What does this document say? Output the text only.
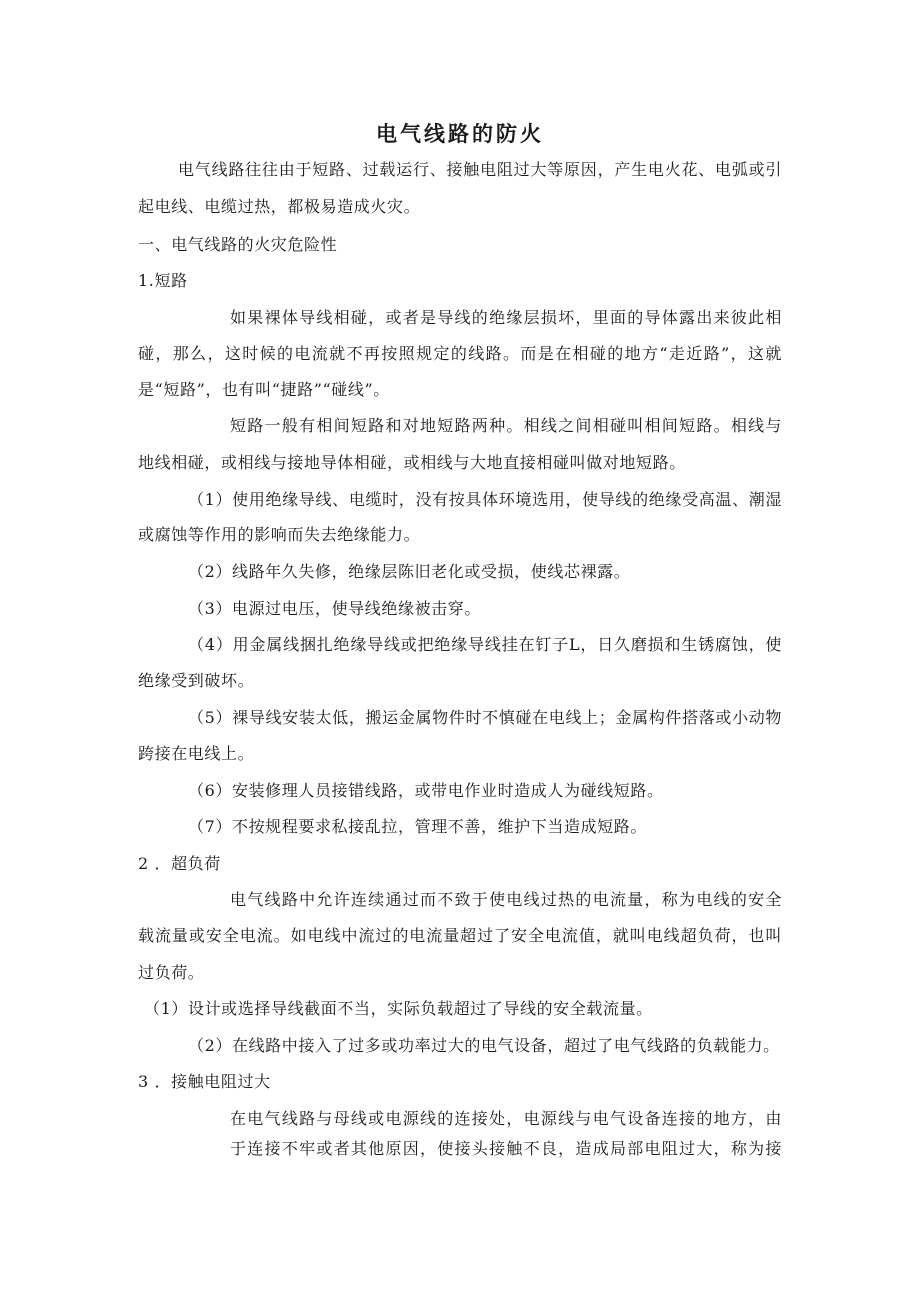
电气线路的防火
电气线路往往由于短路、过载运行、接触电阻过大等原因，产生电火花、电弧或引
起电线、电缆过热，都极易造成火灾。
一、电气线路的火灾危险性
1.短路
如果裸体导线相碰，或者是导线的绝缘层损坏，里面的导体露出来彼此相
碰，那么，这时候的电流就不再按照规定的线路。而是在相碰的地方“走近路”，这就
是“短路”，也有叫“捷路”“碰线”。
短路一般有相间短路和对地短路两种。相线之间相碰叫相间短路。相线与
地线相碰，或相线与接地导体相碰，或相线与大地直接相碰叫做对地短路。
（1）使用绝缘导线、电缆时，没有按具体环境选用，使导线的绝缘受高温、潮湿
或腐蚀等作用的影响而失去绝缘能力。
（2）线路年久失修，绝缘层陈旧老化或受损，使线芯裸露。
（3）电源过电压，使导线绝缘被击穿。
（4）用金属线捆扎绝缘导线或把绝缘导线挂在钉子L，日久磨损和生锈腐蚀，使
绝缘受到破坏。
（5）裸导线安装太低，搬运金属物件时不慎碰在电线上；金属构件搭落或小动物
跨接在电线上。
（6）安装修理人员接错线路，或带电作业时造成人为碰线短路。
（7）不按规程要求私接乱拉，管理不善，维护下当造成短路。
2 ．超负荷
电气线路中允许连续通过而不致于使电线过热的电流量，称为电线的安全
载流量或安全电流。如电线中流过的电流量超过了安全电流值，就叫电线超负荷，也叫
过负荷。
（1）设计或选择导线截面不当，实际负载超过了导线的安全载流量。
（2）在线路中接入了过多或功率过大的电气设备，超过了电气线路的负载能力。
3 ．接触电阻过大
在电气线路与母线或电源线的连接处，电源线与电气设备连接的地方，由
于连接不牢或者其他原因，使接头接触不良，造成局部电阻过大，称为接
